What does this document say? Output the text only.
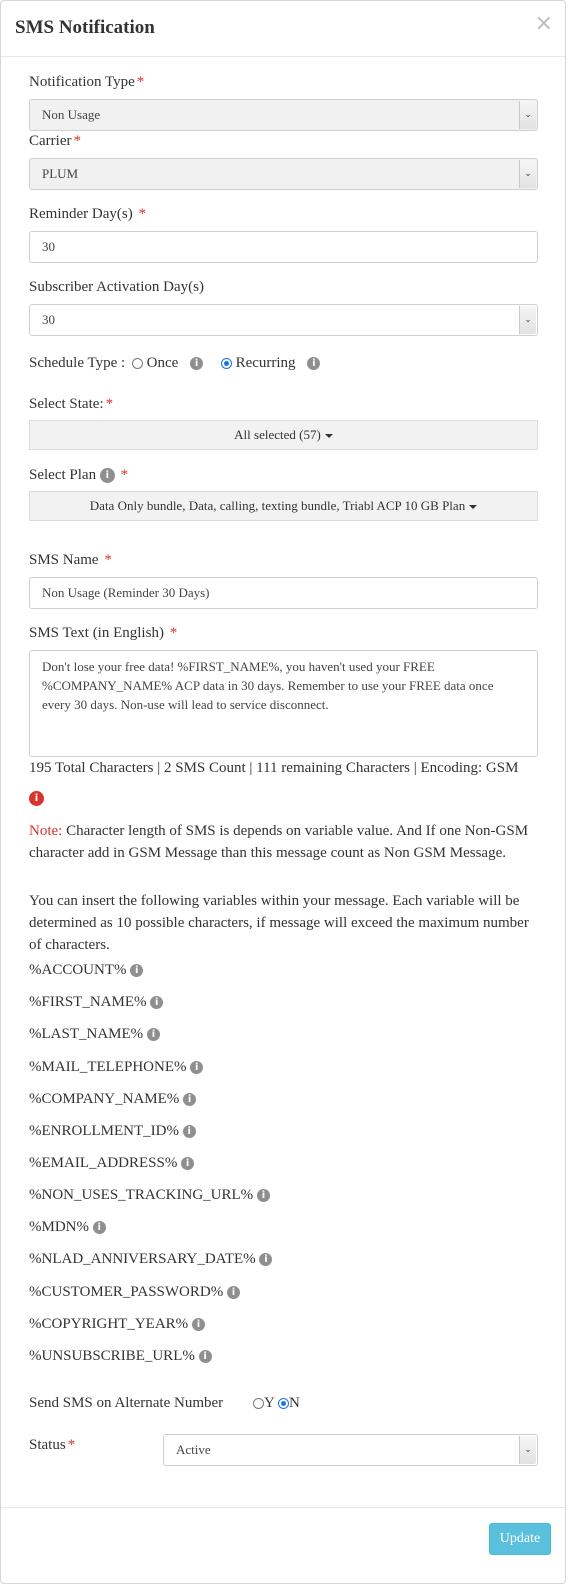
SMS Notification	×
Notification Type *
Non Usage	⌄
Carrier *
PLUM	⌄
Reminder Day(s) *
30
Subscriber Activation Day(s)
30	⌄
Schedule Type : Once i Recurring i
Select State: *
All selected (57)
Select Plan i *
Data Only bundle, Data, calling, texting bundle, Triabl ACP 10 GB Plan
SMS Name *
Non Usage (Reminder 30 Days)
SMS Text (in English) *
Don't lose your free data! %FIRST_NAME%, you haven't used your FREE %COMPANY_NAME% ACP data in 30 days. Remember to use your FREE data once every 30 days. Non-use will lead to service disconnect.
195 Total Characters | 2 SMS Count | 111 remaining Characters | Encoding: GSM
i
Note: Character length of SMS is depends on variable value. And If one Non-GSM character add in GSM Message than this message count as Non GSM Message.
You can insert the following variables within your message. Each variable will be determined as 10 possible characters, if message will exceed the maximum number of characters.
%ACCOUNT% i
%FIRST_NAME% i
%LAST_NAME% i
%MAIL_TELEPHONE% i
%COMPANY_NAME% i
%ENROLLMENT_ID% i
%EMAIL_ADDRESS% i
%NON_USES_TRACKING_URL% i
%MDN% i
%NLAD_ANNIVERSARY_DATE% i
%CUSTOMER_PASSWORD% i
%COPYRIGHT_YEAR% i
%UNSUBSCRIBE_URL% i
Send SMS on Alternate Number	Y N
Status *	Active	⌄
Update
